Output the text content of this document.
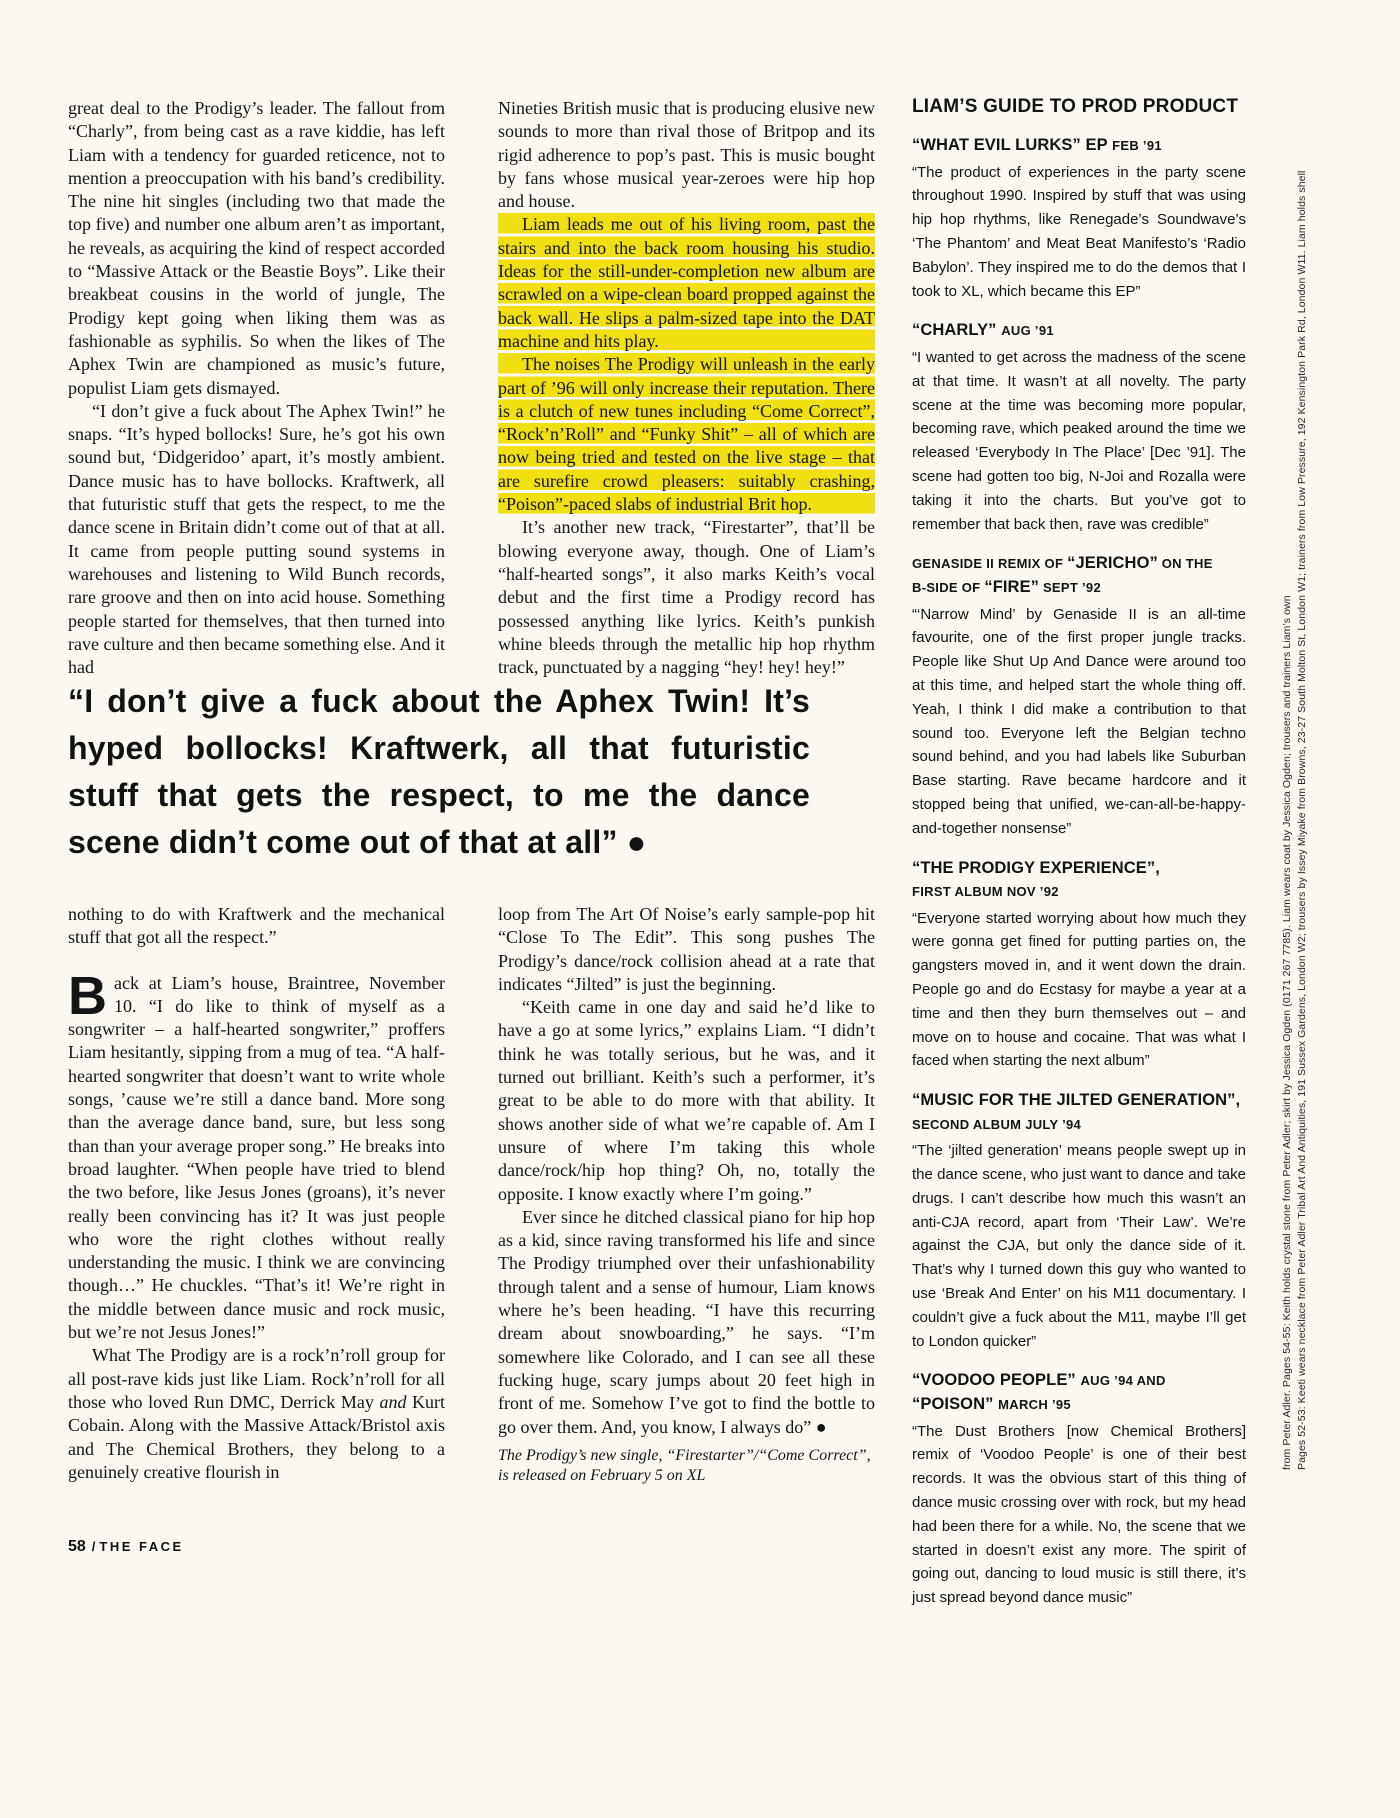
great deal to the Prodigy’s leader. The fallout from “Charly”, from being cast as a rave kiddie, has left Liam with a tendency for guarded reticence, not to mention a preoccupation with his band’s credibility. The nine hit singles (including two that made the top five) and number one album aren’t as important, he reveals, as acquiring the kind of respect accorded to “Massive Attack or the Beastie Boys”. Like their breakbeat cousins in the world of jungle, The Prodigy kept going when liking them was as fashionable as syphilis. So when the likes of The Aphex Twin are championed as music’s future, populist Liam gets dismayed.

“I don’t give a fuck about The Aphex Twin!” he snaps. “It’s hyped bollocks! Sure, he’s got his own sound but, ‘Didgeridoo’ apart, it’s mostly ambient. Dance music has to have bollocks. Kraftwerk, all that futuristic stuff that gets the respect, to me the dance scene in Britain didn’t come out of that at all. It came from people putting sound systems in warehouses and listening to Wild Bunch records, rare groove and then on into acid house. Something people started for themselves, that then turned into rave culture and then became something else. And it had

Nineties British music that is producing elusive new sounds to more than rival those of Britpop and its rigid adherence to pop’s past. This is music bought by fans whose musical year-zeroes were hip hop and house.

Liam leads me out of his living room, past the stairs and into the back room housing his studio. Ideas for the still-under-completion new album are scrawled on a wipe-clean board propped against the back wall. He slips a palm-sized tape into the DAT machine and hits play.

The noises The Prodigy will unleash in the early part of ’96 will only increase their reputation. There is a clutch of new tunes including “Come Correct”, “Rock’n’Roll” and “Funky Shit” – all of which are now being tried and tested on the live stage – that are surefire crowd pleasers: suitably crashing, “Poison”-paced slabs of industrial Brit hop.

It’s another new track, “Firestarter”, that’ll be blowing everyone away, though. One of Liam’s “half-hearted songs”, it also marks Keith’s vocal debut and the first time a Prodigy record has possessed anything like lyrics. Keith’s punkish whine bleeds through the metallic hip hop rhythm track, punctuated by a nagging “hey! hey! hey!”

“I don’t give a fuck about the Aphex Twin! It’s
hyped bollocks! Kraftwerk, all that futuristic
stuff that gets the respect, to me the dance
scene didn’t come out of that at all” ●

nothing to do with Kraftwerk and the mechanical stuff that got all the respect.”

Back at Liam’s house, Braintree, November 10. “I do like to think of myself as a songwriter – a half-hearted songwriter,” proffers Liam hesitantly, sipping from a mug of tea. “A half-hearted songwriter that doesn’t want to write whole songs, ’cause we’re still a dance band. More song than the average dance band, sure, but less song than than your average proper song.” He breaks into broad laughter. “When people have tried to blend the two before, like Jesus Jones (groans), it’s never really been convincing has it? It was just people who wore the right clothes without really understanding the music. I think we are convincing though…” He chuckles. “That’s it! We’re right in the middle between dance music and rock music, but we’re not Jesus Jones!”

What The Prodigy are is a rock’n’roll group for all post-rave kids just like Liam. Rock’n’roll for all those who loved Run DMC, Derrick May and Kurt Cobain. Along with the Massive Attack/Bristol axis and The Chemical Brothers, they belong to a genuinely creative flourish in

loop from The Art Of Noise’s early sample-pop hit “Close To The Edit”. This song pushes The Prodigy’s dance/rock collision ahead at a rate that indicates “Jilted” is just the beginning.

“Keith came in one day and said he’d like to have a go at some lyrics,” explains Liam. “I didn’t think he was totally serious, but he was, and it turned out brilliant. Keith’s such a performer, it’s great to be able to do more with that ability. It shows another side of what we’re capable of. Am I unsure of where I’m taking this whole dance/rock/hip hop thing? Oh, no, totally the opposite. I know exactly where I’m going.”

Ever since he ditched classical piano for hip hop as a kid, since raving transformed his life and since The Prodigy triumphed over their unfashionability through talent and a sense of humour, Liam knows where he’s been heading. “I have this recurring dream about snowboarding,” he says. “I’m somewhere like Colorado, and I can see all these fucking huge, scary jumps about 20 feet high in front of me. Somehow I’ve got to find the bottle to go over them. And, you know, I always do” ●

The Prodigy’s new single, “Firestarter”/“Come Correct”, is released on February 5 on XL

LIAM’S GUIDE TO PROD PRODUCT
“WHAT EVIL LURKS” EP FEB ’91

“The product of experiences in the party scene throughout 1990. Inspired by stuff that was using hip hop rhythms, like Renegade’s Soundwave’s ‘The Phantom’ and Meat Beat Manifesto’s ‘Radio Babylon’. They inspired me to do the demos that I took to XL, which became this EP”

“CHARLY” AUG ’91

“I wanted to get across the madness of the scene at that time. It wasn’t at all novelty. The party scene at the time was becoming more popular, becoming rave, which peaked around the time we released ‘Everybody In The Place’ [Dec ’91]. The scene had gotten too big, N-Joi and Rozalla were taking it into the charts. But you’ve got to remember that back then, rave was credible”

GENASIDE II REMIX OF “JERICHO” ON THE
B-SIDE OF “FIRE” SEPT ’92

“‘Narrow Mind’ by Genaside II is an all-time favourite, one of the first proper jungle tracks. People like Shut Up And Dance were around too at this time, and helped start the whole thing off. Yeah, I think I did make a contribution to that sound too. Everyone left the Belgian techno sound behind, and you had labels like Suburban Base starting. Rave became hardcore and it stopped being that unified, we-can-all-be-happy-and-together nonsense”

“THE PRODIGY EXPERIENCE”,
FIRST ALBUM NOV ’92

“Everyone started worrying about how much they were gonna get fined for putting parties on, the gangsters moved in, and it went down the drain. People go and do Ecstasy for maybe a year at a time and then they burn themselves out – and move on to house and cocaine. That was what I faced when starting the next album”

“MUSIC FOR THE JILTED GENERATION”,
SECOND ALBUM JULY ’94

“The ‘jilted generation’ means people swept up in the dance scene, who just want to dance and take drugs. I can’t describe how much this wasn’t an anti-CJA record, apart from ‘Their Law’. We’re against the CJA, but only the dance side of it. That’s why I turned down this guy who wanted to use ‘Break And Enter’ on his M11 documentary. I couldn’t give a fuck about the M11, maybe I’ll get to London quicker”

“VOODOO PEOPLE” AUG ’94 AND
“POISON” MARCH ’95

“The Dust Brothers [now Chemical Brothers] remix of ‘Voodoo People’ is one of their best records. It was the obvious start of this thing of dance music crossing over with rock, but my head had been there for a while. No, the scene that we started in doesn’t exist any more. The spirit of going out, dancing to loud music is still there, it’s just spread beyond dance music”

from Peter Adler. Pages 54-55: Keith holds crystal stone from Peter Adler; skirt by Jessica Ogden (0171 267 7785). Liam wears coat by Jessica Ogden; trousers and trainers Liam’s own Pages 52-53: Keeti wears necklace from Peter Adler Tribal Art And Antiquities, 191 Sussex Gardens, London W2; trousers by Issey Miyake from Browns, 23-27 South Molton St, London W1; trainers from Low Pressure, 192 Kensington Park Rd, London W11. Liam holds shell
58 / THE FACE
